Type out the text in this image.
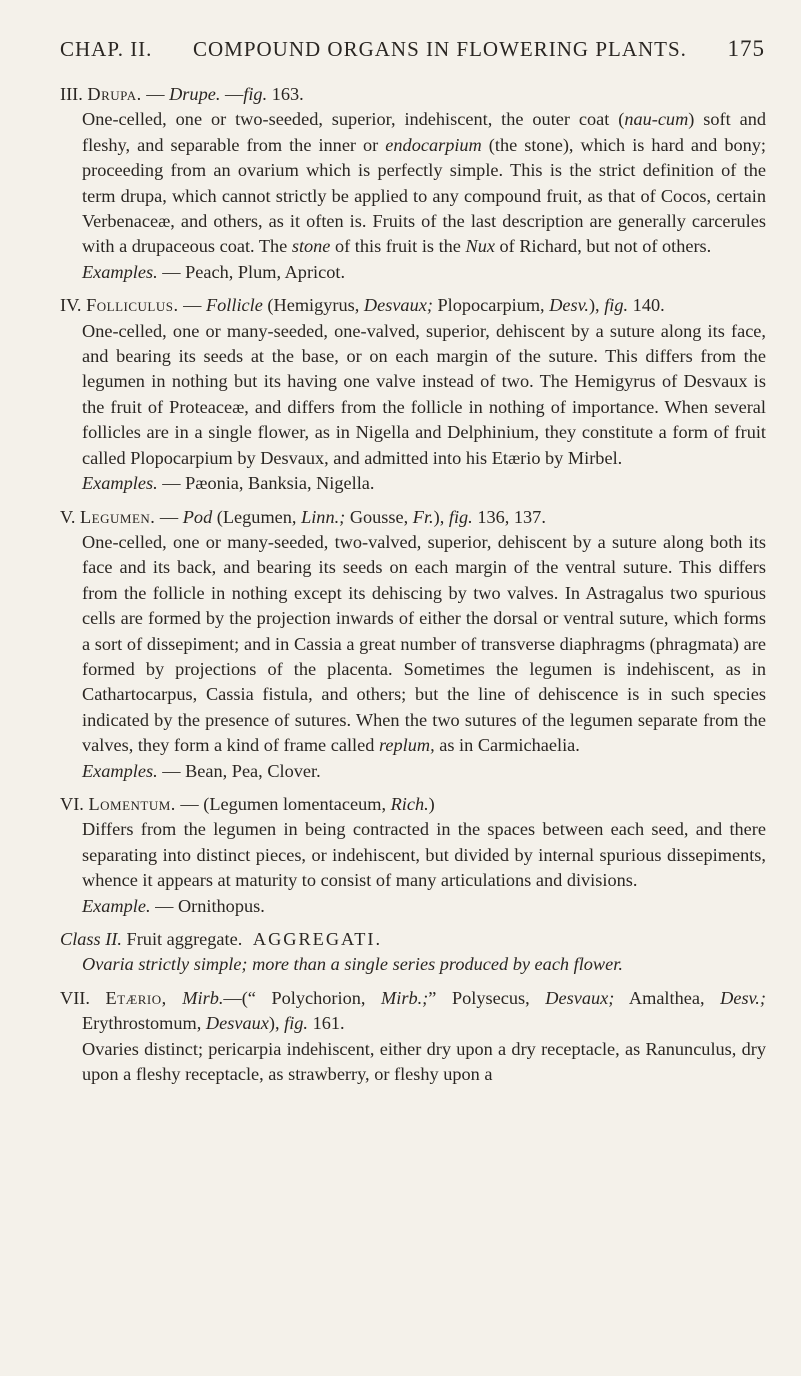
CHAP. II. COMPOUND ORGANS IN FLOWERING PLANTS. 175

III. Drupa. — Drupe. —fig. 163.

One-celled, one or two-seeded, superior, indehiscent, the outer coat (nau-cum) soft and fleshy, and separable from the inner or endocarpium (the stone), which is hard and bony; proceeding from an ovarium which is perfectly simple. This is the strict definition of the term drupa, which cannot strictly be applied to any compound fruit, as that of Cocos, certain Verbenaceæ, and others, as it often is. Fruits of the last description are generally carcerules with a drupaceous coat. The stone of this fruit is the Nux of Richard, but not of others.

Examples. — Peach, Plum, Apricot.

IV. Folliculus. — Follicle (Hemigyrus, Desvaux; Plopocarpium, Desv.), fig. 140.

One-celled, one or many-seeded, one-valved, superior, dehiscent by a suture along its face, and bearing its seeds at the base, or on each margin of the suture. This differs from the legumen in nothing but its having one valve instead of two. The Hemigyrus of Desvaux is the fruit of Proteaceæ, and differs from the follicle in nothing of importance. When several follicles are in a single flower, as in Nigella and Delphinium, they constitute a form of fruit called Plopocarpium by Desvaux, and admitted into his Etærio by Mirbel.

Examples. — Pæonia, Banksia, Nigella.

V. Legumen. — Pod (Legumen, Linn.; Gousse, Fr.), fig. 136, 137.

One-celled, one or many-seeded, two-valved, superior, dehiscent by a suture along both its face and its back, and bearing its seeds on each margin of the ventral suture. This differs from the follicle in nothing except its dehiscing by two valves. In Astragalus two spurious cells are formed by the projection inwards of either the dorsal or ventral suture, which forms a sort of dissepiment; and in Cassia a great number of transverse diaphragms (phragmata) are formed by projections of the placenta. Sometimes the legumen is indehiscent, as in Cathartocarpus, Cassia fistula, and others; but the line of dehiscence is in such species indicated by the presence of sutures. When the two sutures of the legumen separate from the valves, they form a kind of frame called replum, as in Carmichaelia.

Examples. — Bean, Pea, Clover.

VI. Lomentum. — (Legumen lomentaceum, Rich.)

Differs from the legumen in being contracted in the spaces between each seed, and there separating into distinct pieces, or indehiscent, but divided by internal spurious dissepiments, whence it appears at maturity to consist of many articulations and divisions.

Example. — Ornithopus.

Class II. Fruit aggregate. AGGREGATI.

Ovaria strictly simple; more than a single series produced by each flower.

VII. Etærio, Mirb.—(“ Polychorion, Mirb.;” Polysecus, Desvaux; Amalthea, Desv.; Erythrostomum, Desvaux), fig. 161.

Ovaries distinct; pericarpia indehiscent, either dry upon a dry receptacle, as Ranunculus, dry upon a fleshy receptacle, as strawberry, or fleshy upon a
